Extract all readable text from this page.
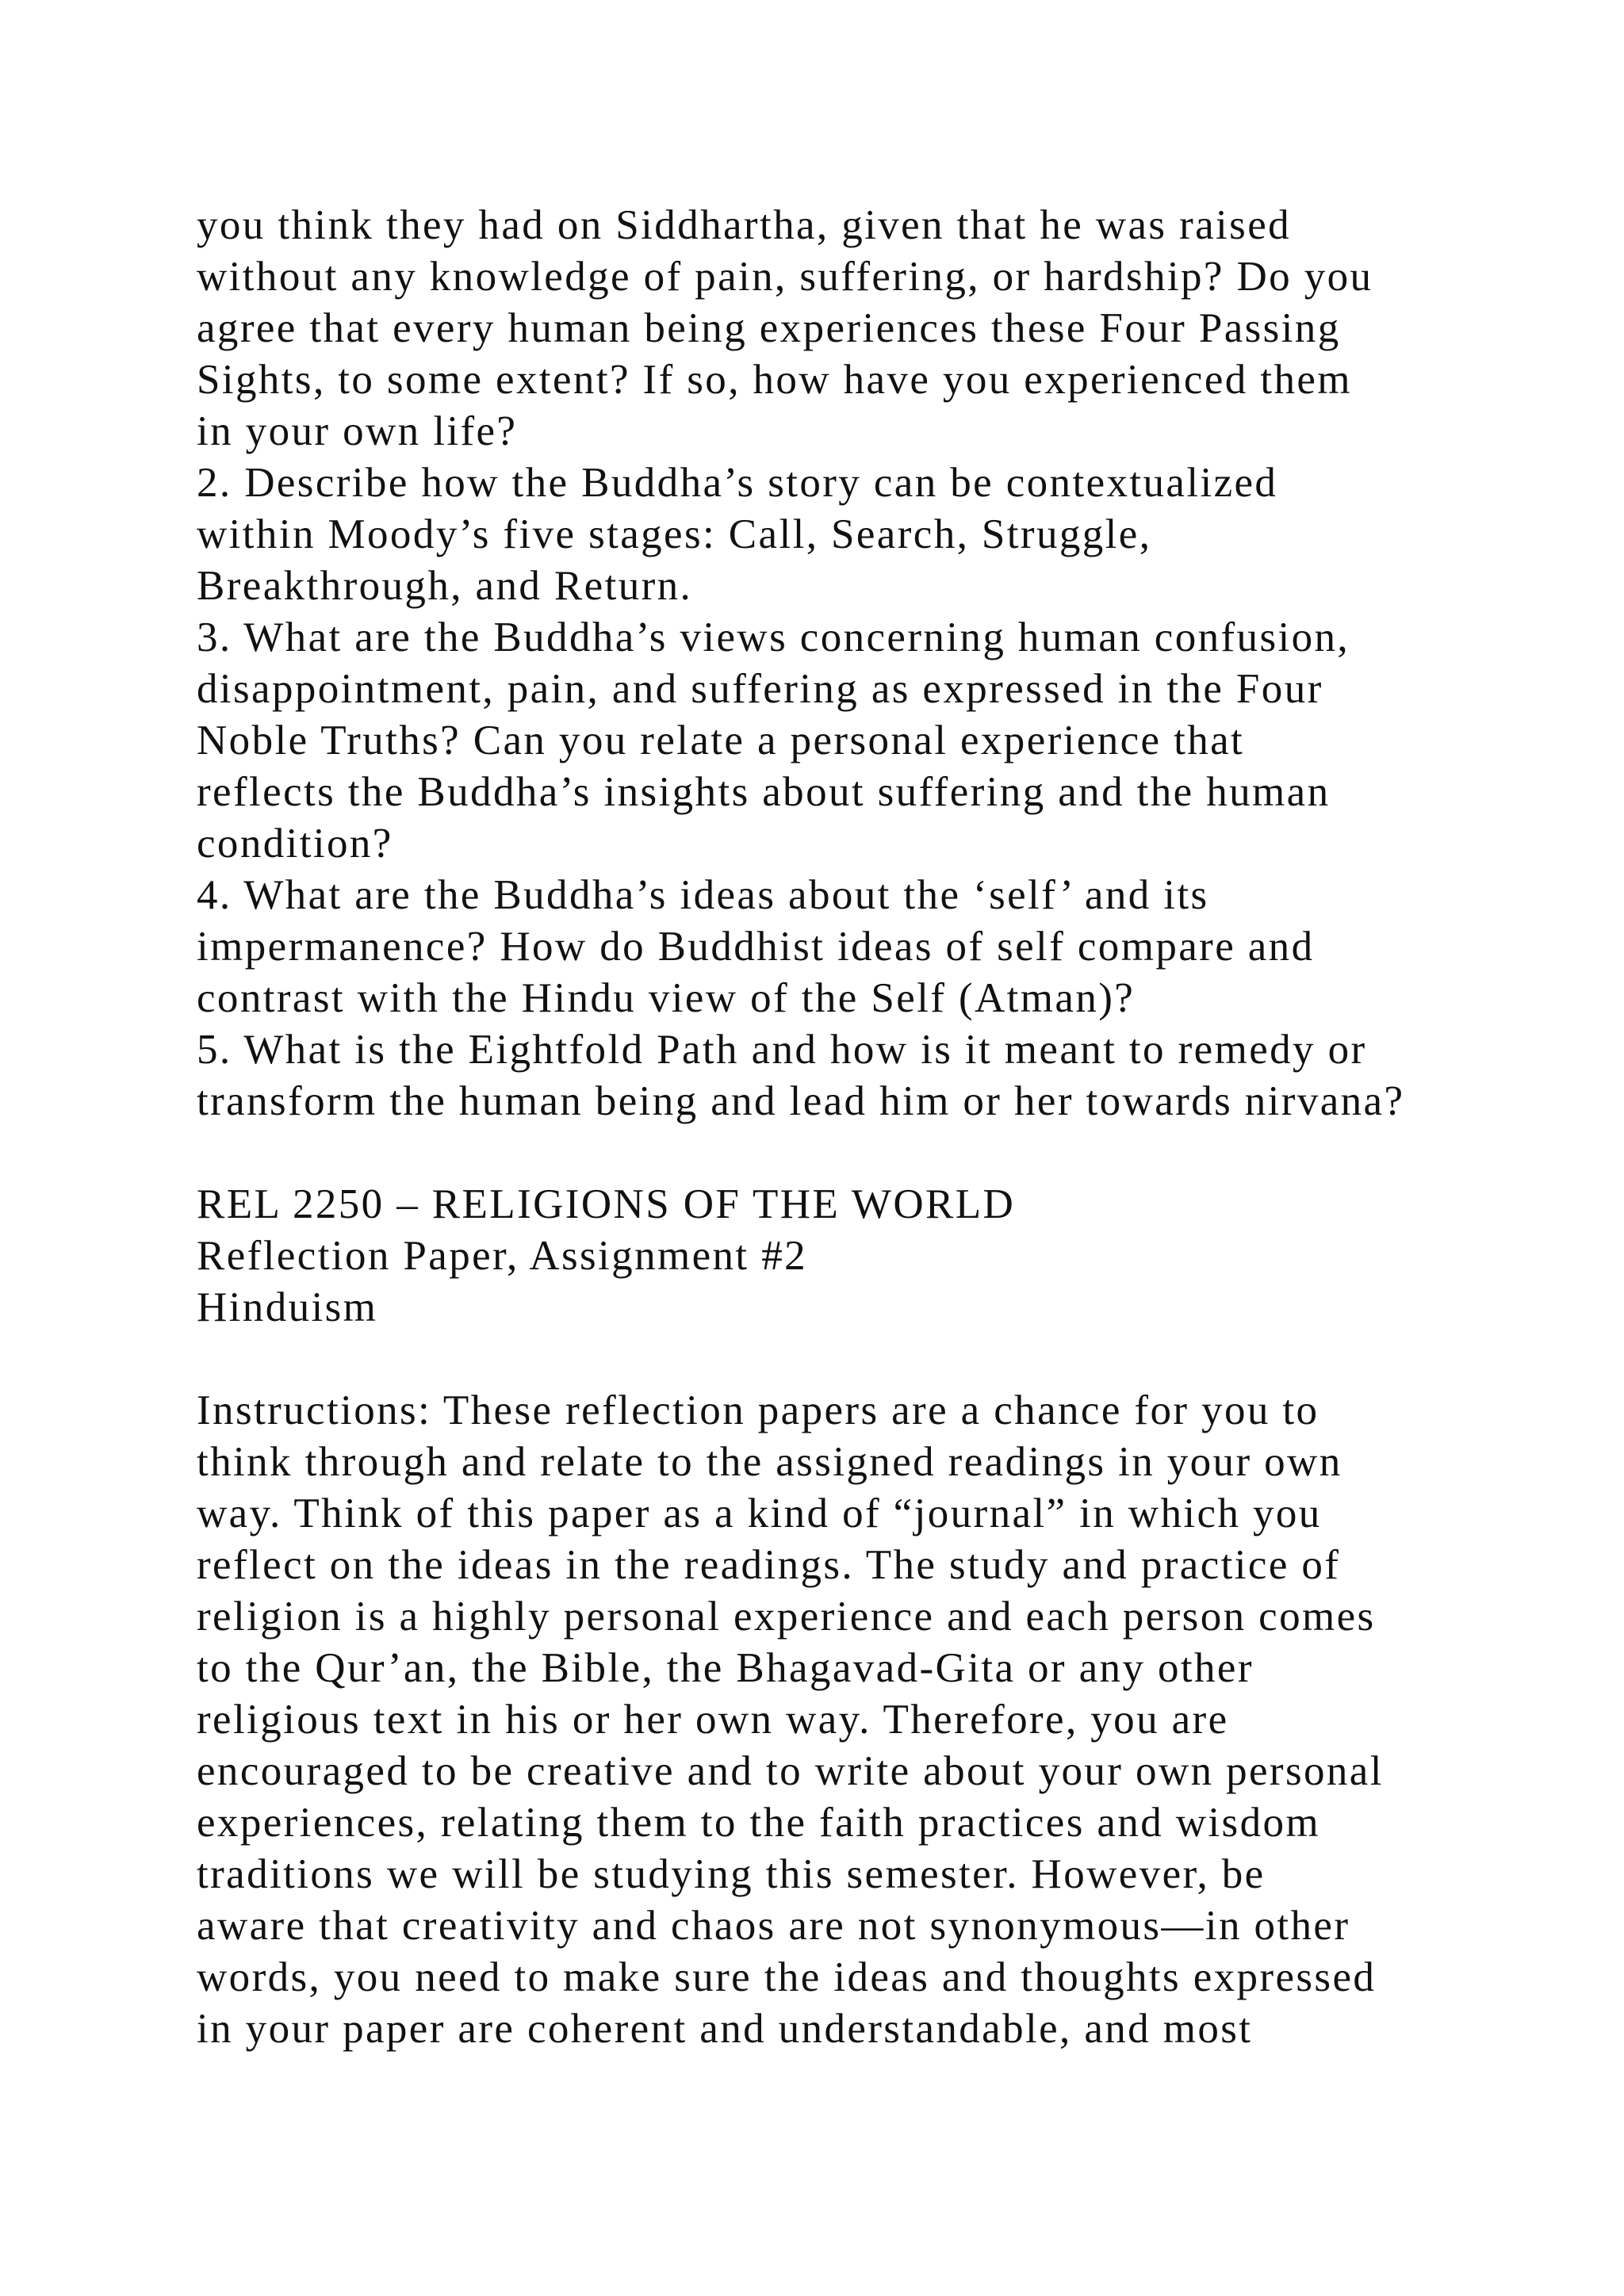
you think they had on Siddhartha, given that he was raised
without any knowledge of pain, suffering, or hardship? Do you
agree that every human being experiences these Four Passing
Sights, to some extent? If so, how have you experienced them
in your own life?
2. Describe how the Buddha’s story can be contextualized
within Moody’s five stages: Call, Search, Struggle,
Breakthrough, and Return.
3. What are the Buddha’s views concerning human confusion,
disappointment, pain, and suffering as expressed in the Four
Noble Truths? Can you relate a personal experience that
reflects the Buddha’s insights about suffering and the human
condition?
4. What are the Buddha’s ideas about the ‘self’ and its
impermanence? How do Buddhist ideas of self compare and
contrast with the Hindu view of the Self (Atman)?
5. What is the Eightfold Path and how is it meant to remedy or
transform the human being and lead him or her towards nirvana?
REL 2250 – RELIGIONS OF THE WORLD
Reflection Paper, Assignment #2
Hinduism
Instructions: These reflection papers are a chance for you to
think through and relate to the assigned readings in your own
way. Think of this paper as a kind of “journal” in which you
reflect on the ideas in the readings. The study and practice of
religion is a highly personal experience and each person comes
to the Qur’an, the Bible, the Bhagavad-Gita or any other
religious text in his or her own way. Therefore, you are
encouraged to be creative and to write about your own personal
experiences, relating them to the faith practices and wisdom
traditions we will be studying this semester. However, be
aware that creativity and chaos are not synonymous—in other
words, you need to make sure the ideas and thoughts expressed
in your paper are coherent and understandable, and most
